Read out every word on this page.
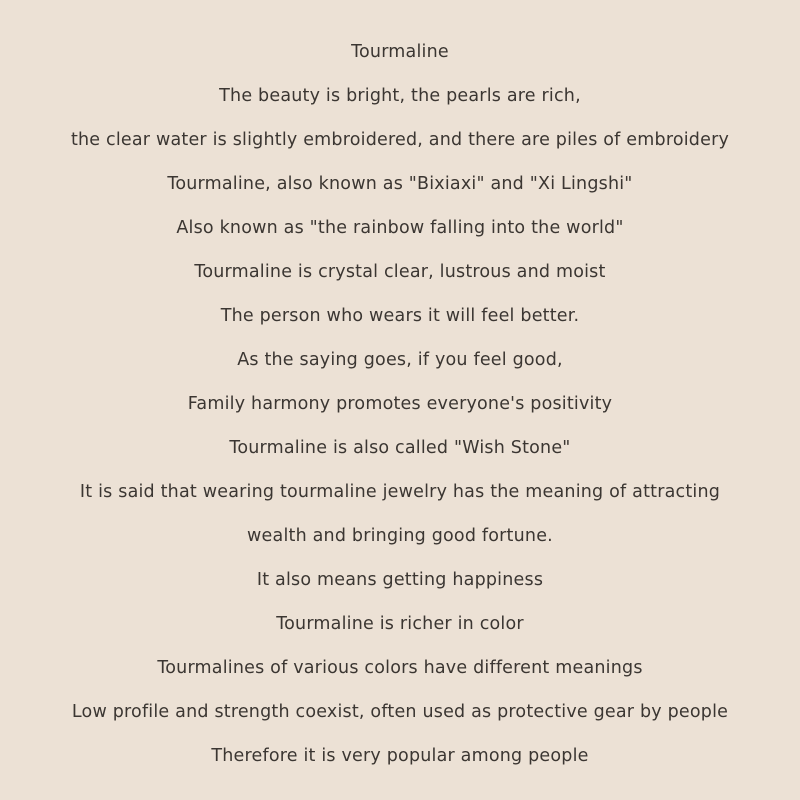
Tourmaline
The beauty is bright, the pearls are rich,
the clear water is slightly embroidered, and there are piles of embroidery
Tourmaline, also known as "Bixiaxi" and "Xi Lingshi"
Also known as "the rainbow falling into the world"
Tourmaline is crystal clear, lustrous and moist
The person who wears it will feel better.
As the saying goes, if you feel good,
Family harmony promotes everyone's positivity
Tourmaline is also called "Wish Stone"
It is said that wearing tourmaline jewelry has the meaning of attracting
wealth and bringing good fortune.
It also means getting happiness
Tourmaline is richer in color
Tourmalines of various colors have different meanings
Low profile and strength coexist, often used as protective gear by people
Therefore it is very popular among people
